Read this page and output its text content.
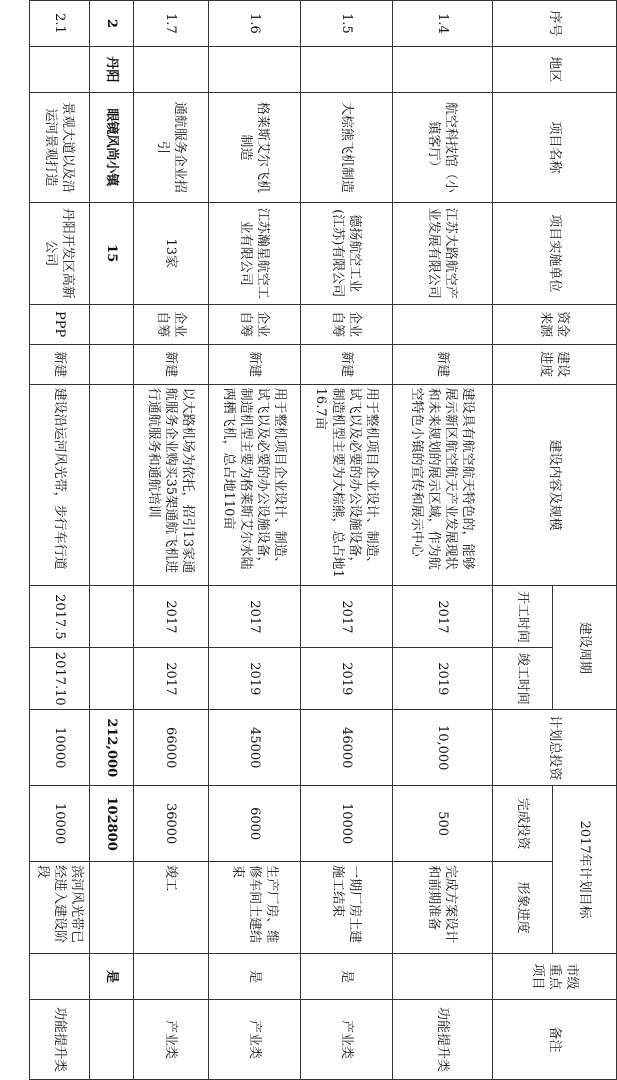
序号	地区	项目名称	项目实施单位	资金来源	建设进度	建设内容及规模	建设周期		计划总投资	2017年计划目标		市级重点项目	备注
							开工时间	竣工时间		完成投资	形象进度		
1.4		航空科技馆（小镇客厅）	江苏大路航空产业发展有限公司		新建	建设具有航空航天特色的，能够展示新区航空航天产业发展现状和未来规划的展示区域，作为航空特色小镇的宣传和展示中心	2017	2019	10,000	500	完成方案设计和前期准备		功能提升类
1.5		大棕熊飞机制造	德扬航空工业(江苏)有限公司	企业自筹	新建	用于整机项目企业设计、制造、试飞以及必要的办公设施设备，制造机型主要为大棕熊，总占地116.7亩	2017	2019	46000	10000	一期厂房土建施工结束	是	产业类
1.6		格莱斯艾尔飞机制造	江苏瀚星航空工业有限公司	企业自筹	新建	用于整机项目企业设计、制造、试飞以及必要的办公设施设备，制造机型主要为格莱斯艾尔水陆两栖飞机，总占地110亩	2017	2019	45000	6000	生产厂房、维修车间土建结束	是	产业类
1.7		通航服务企业招引	13家	企业自筹	新建	以大路机场为依托，招引13家通航服务企业购买35架通航飞机进行通航服务和通航培训	2017	2017	66000	36000	竣工		产业类
2	丹阳	眼镜风尚小镇	15						212,000	102800		是	
2.1		景观大道以及沿运河景观打造	丹阳开发区高新公司	PPP	新建	建设沿运河风光带，步行车行道	2017.5	2017.10	10000	10000	滨河风光带已经进入建设阶段		功能提升类
